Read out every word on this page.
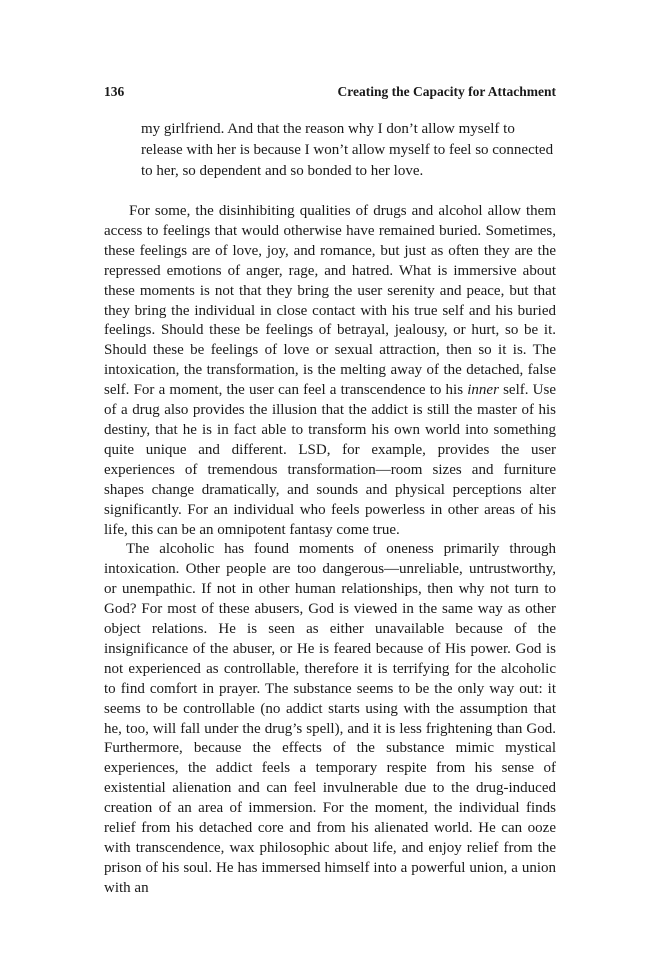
136	Creating the Capacity for Attachment

my girlfriend. And that the reason why I don’t allow myself to release with her is because I won’t allow myself to feel so connected to her, so dependent and so bonded to her love.

For some, the disinhibiting qualities of drugs and alcohol allow them access to feelings that would otherwise have remained buried. Sometimes, these feelings are of love, joy, and romance, but just as often they are the repressed emotions of anger, rage, and hatred. What is immersive about these moments is not that they bring the user serenity and peace, but that they bring the individual in close contact with his true self and his buried feelings. Should these be feelings of betrayal, jealousy, or hurt, so be it. Should these be feelings of love or sexual attraction, then so it is. The intoxication, the transformation, is the melting away of the detached, false self. For a moment, the user can feel a transcendence to his inner self. Use of a drug also provides the illusion that the addict is still the master of his destiny, that he is in fact able to transform his own world into something quite unique and different. LSD, for example, provides the user experiences of tremendous transformation—room sizes and furniture shapes change dramatically, and sounds and physical perceptions alter significantly. For an individual who feels powerless in other areas of his life, this can be an omnipotent fantasy come true.

The alcoholic has found moments of oneness primarily through intoxication. Other people are too dangerous—unreliable, untrustworthy, or unempathic. If not in other human relationships, then why not turn to God? For most of these abusers, God is viewed in the same way as other object relations. He is seen as either unavailable because of the insignificance of the abuser, or He is feared because of His power. God is not experienced as controllable, therefore it is terrifying for the alcoholic to find comfort in prayer. The substance seems to be the only way out: it seems to be controllable (no addict starts using with the assumption that he, too, will fall under the drug’s spell), and it is less frightening than God. Furthermore, because the effects of the substance mimic mystical experiences, the addict feels a temporary respite from his sense of existential alienation and can feel invulnerable due to the drug-induced creation of an area of immersion. For the moment, the individual finds relief from his detached core and from his alienated world. He can ooze with transcendence, wax philosophic about life, and enjoy relief from the prison of his soul. He has immersed himself into a powerful union, a union with an
